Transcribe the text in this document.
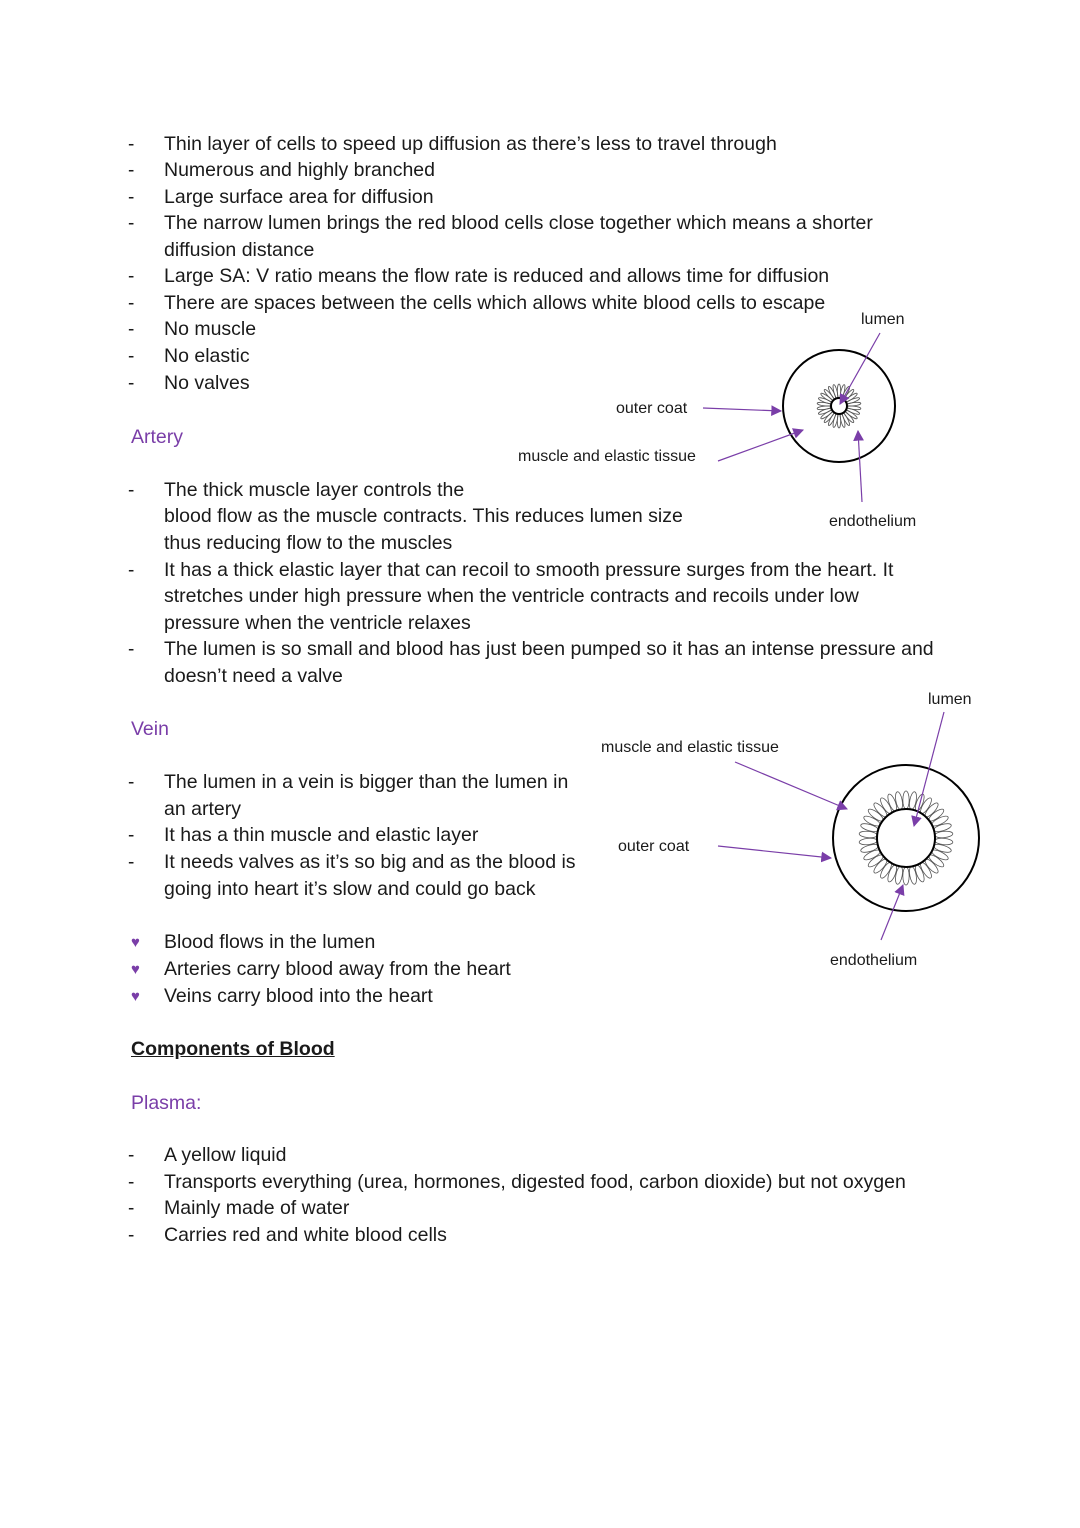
- Thin layer of cells to speed up diffusion as there’s less to travel through
- Numerous and highly branched
- Large surface area for diffusion
- The narrow lumen brings the red blood cells close together which means a shorter
diffusion distance
- Large SA: V ratio means the flow rate is reduced and allows time for diffusion
- There are spaces between the cells which allows white blood cells to escape
- No muscle
- No elastic
- No valves
Artery
lumen
outer coat
muscle and elastic tissue
endothelium
- The thick muscle layer controls the
blood flow as the muscle contracts. This reduces lumen size
thus reducing flow to the muscles
- It has a thick elastic layer that can recoil to smooth pressure surges from the heart. It
stretches under high pressure when the ventricle contracts and recoils under low
pressure when the ventricle relaxes
- The lumen is so small and blood has just been pumped so it has an intense pressure and
doesn’t need a valve
Vein
lumen
muscle and elastic tissue
outer coat
endothelium
- The lumen in a vein is bigger than the lumen in
an artery
- It has a thin muscle and elastic layer
- It needs valves as it’s so big and as the blood is
going into heart it’s slow and could go back
♥ Blood flows in the lumen
♥ Arteries carry blood away from the heart
♥ Veins carry blood into the heart
Components of Blood
Plasma:
- A yellow liquid
- Transports everything (urea, hormones, digested food, carbon dioxide) but not oxygen
- Mainly made of water
- Carries red and white blood cells
